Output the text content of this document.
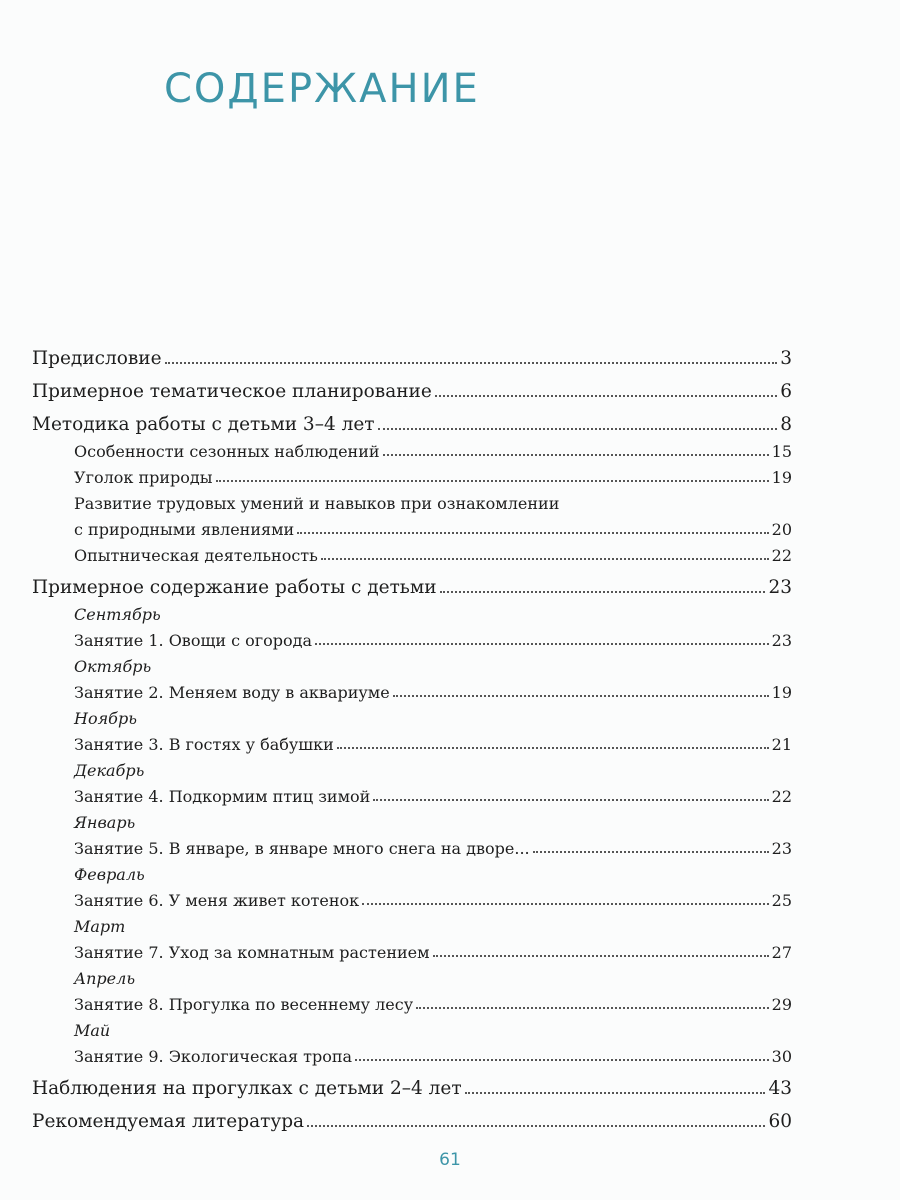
СОДЕРЖАНИЕ
Предисловие	3
Примерное тематическое планирование	6
Методика работы с детьми 3–4 лет	8
Особенности сезонных наблюдений	15
Уголок природы	19
Развитие трудовых умений и навыков при ознакомлении
с природными явлениями	20
Опытническая деятельность	22
Примерное содержание работы с детьми	23
Сентябрь
Занятие 1. Овощи с огорода	23
Октябрь
Занятие 2. Меняем воду в аквариуме	19
Ноябрь
Занятие 3. В гостях у бабушки	21
Декабрь
Занятие 4. Подкормим птиц зимой	22
Январь
Занятие 5. В январе, в январе много снега на дворе...	23
Февраль
Занятие 6. У меня живет котенок	25
Март
Занятие 7. Уход за комнатным растением	27
Апрель
Занятие 8. Прогулка по весеннему лесу	29
Май
Занятие 9. Экологическая тропа	30
Наблюдения на прогулках с детьми 2–4 лет	43
Рекомендуемая литература	60
61
